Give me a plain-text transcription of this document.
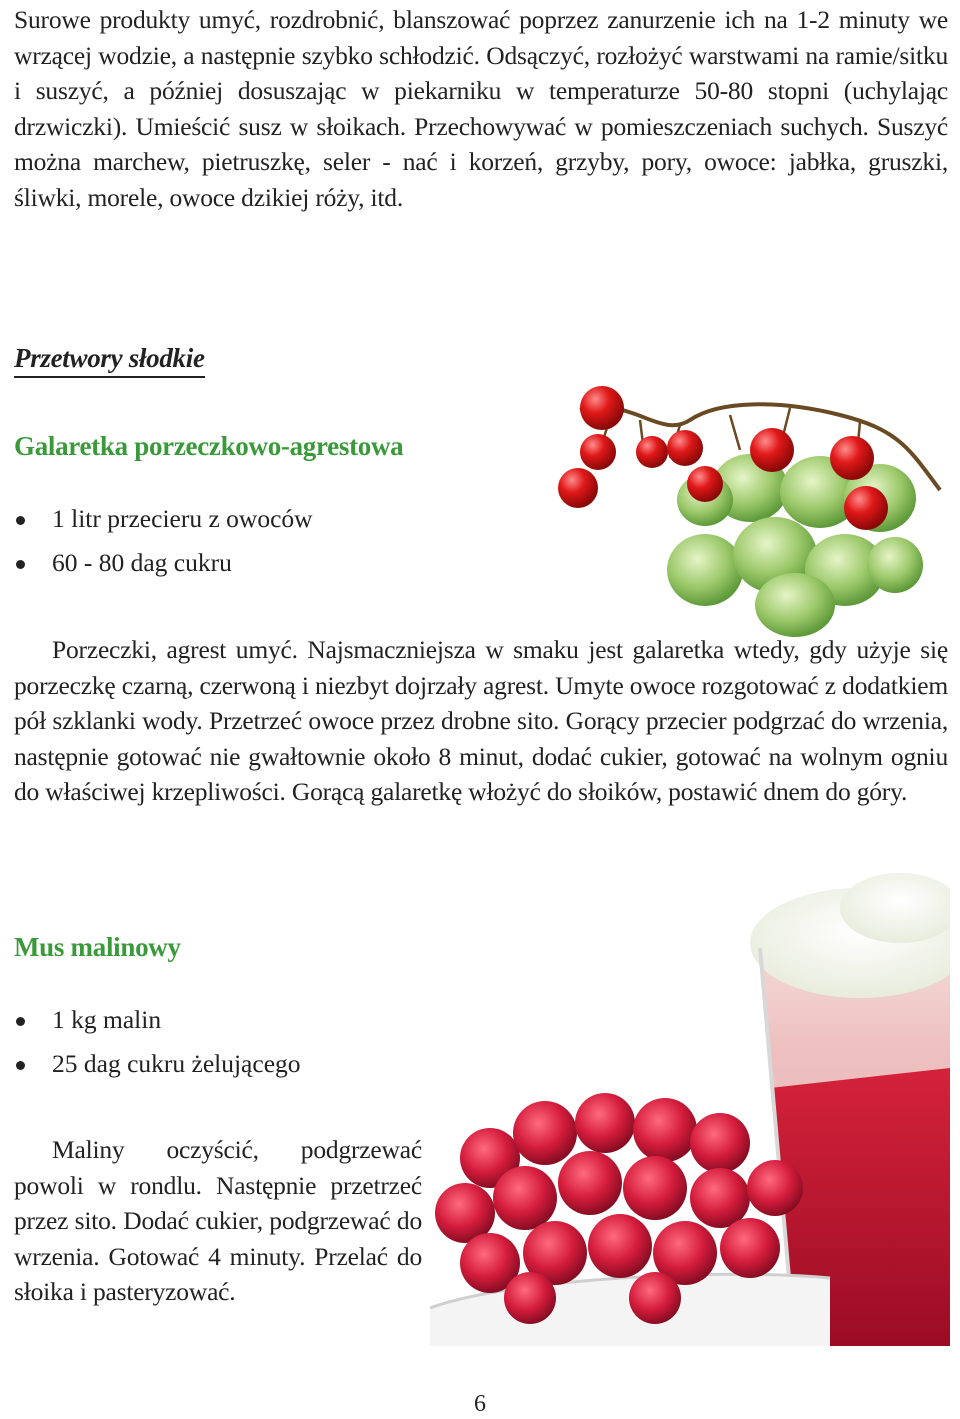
Surowe produkty umyć, rozdrobnić, blanszować poprzez zanurzenie ich na 1-2 minuty we wrzącej wodzie, a następnie szybko schłodzić. Odsączyć, rozłożyć warstwami na ramie/sitku i suszyć, a później dosuszając w piekarniku w temperaturze 50-80 stopni (uchylając drzwiczki). Umieścić susz w słoikach. Przechowywać w pomieszczeniach suchych. Suszyć można marchew, pietruszkę, seler - nać i korzeń, grzyby, pory, owoce: jabłka, gruszki, śliwki, morele, owoce dzikiej róży, itd.

Przetwory słodkie
Galaretka porzeczkowo-agrestowa
1 litr przecieru z owoców
60 - 80 dag cukru

Porzeczki, agrest umyć. Najsmaczniejsza w smaku jest galaretka wtedy, gdy użyje się porzeczkę czarną, czerwoną i niezbyt dojrzały agrest. Umyte owoce rozgotować z dodatkiem pół szklanki wody. Przetrzeć owoce przez drobne sito. Gorący przecier podgrzać do wrzenia, następnie gotować nie gwałtownie około 8 minut, dodać cukier, gotować na wolnym ogniu do właściwej krzepliwości. Gorącą galaretkę włożyć do słoików, postawić dnem do góry.

Mus malinowy
1 kg malin
25 dag cukru żelującego

Maliny oczyścić, podgrzewać powoli w rondlu. Następnie przetrzeć przez sito. Dodać cukier, podgrzewać do wrzenia. Gotować 4 minuty. Przelać do słoika i pasteryzować.

6
